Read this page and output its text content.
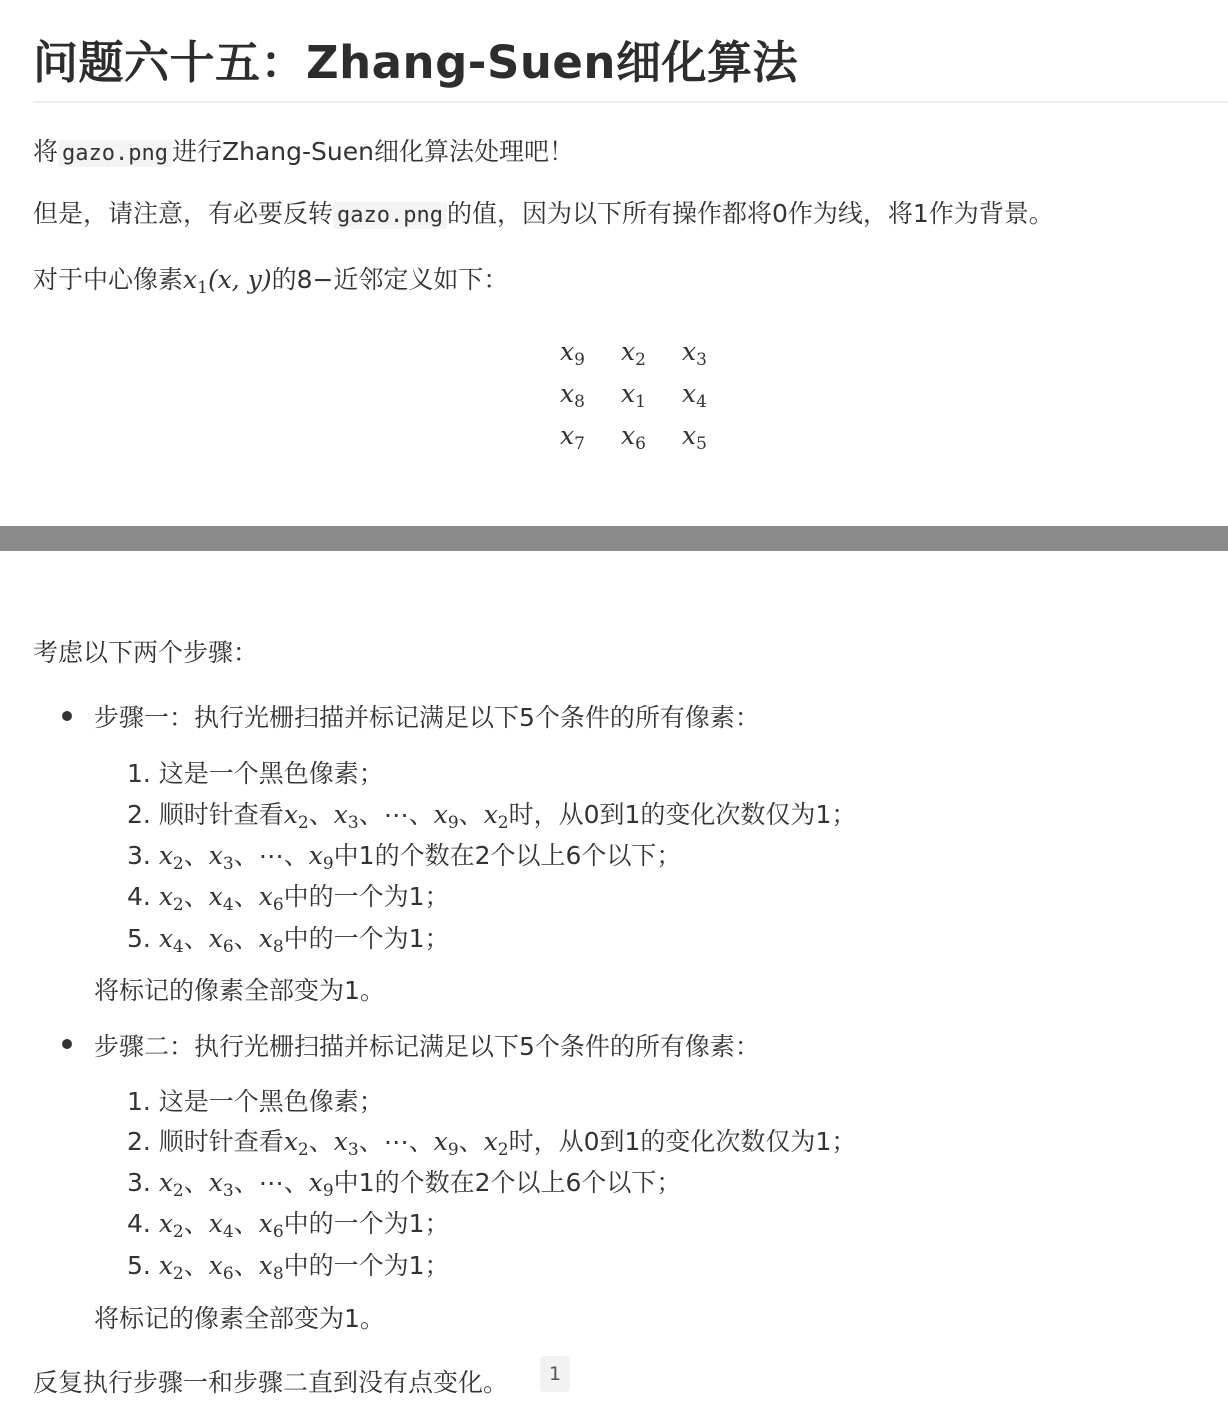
问题六十五：Zhang-Suen细化算法

将 gazo.png 进行Zhang-Suen细化算法处理吧！

但是，请注意，有必要反转 gazo.png 的值，因为以下所有操作都将0作为线，将1作为背景。

对于中心像素$x_1(x$, y)的8−近邻定义如下：

$x_9$	$x_2$	$x_3$
$x_8$	$x_1$	$x_4$
$x_7$	$x_6$	$x_5$

考虑以下两个步骤：

步骤一：执行光栅扫描并标记满足以下5个条件的所有像素：

1. 这是一个黑色像素；

2. 顺时针查看$x_2$、$x_3$、⋯、$x_9$、$x_2$时，从0到1的变化次数仅为1；

3. $x_2$、$x_3$、⋯、$x_9$中1的个数在2个以上6个以下；

4. $x_2$、$x_4$、$x_6$中的一个为1；

5. $x_4$、$x_6$、$x_8$中的一个为1；

将标记的像素全部变为1。

步骤二：执行光栅扫描并标记满足以下5个条件的所有像素：

1. 这是一个黑色像素；

2. 顺时针查看$x_2$、$x_3$、⋯、$x_9$、$x_2$时，从0到1的变化次数仅为1；

3. $x_2$、$x_3$、⋯、$x_9$中1的个数在2个以上6个以下；

4. $x_2$、$x_4$、$x_6$中的一个为1；

5. $x_2$、$x_6$、$x_8$中的一个为1；

将标记的像素全部变为1。

反复执行步骤一和步骤二直到没有点变化。	1
